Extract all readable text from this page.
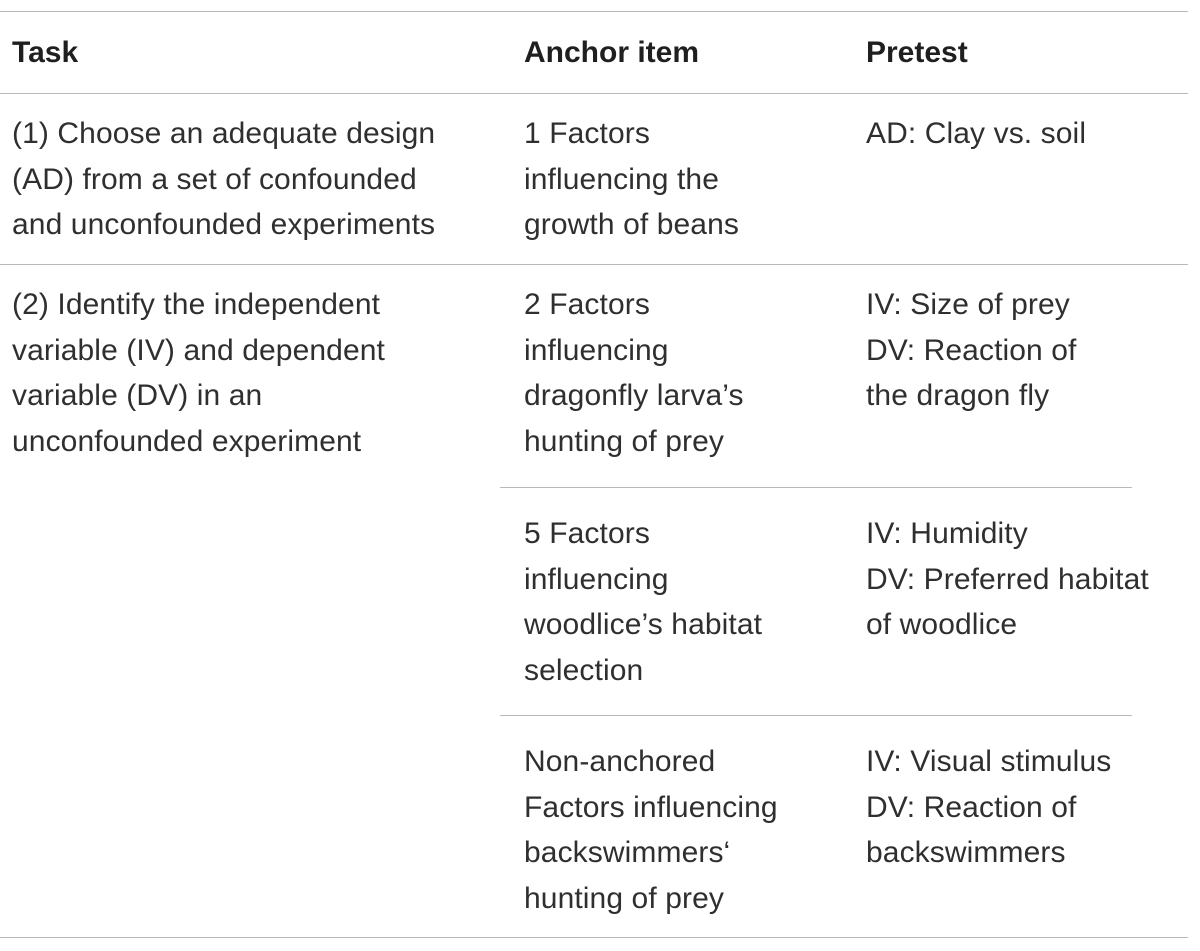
Task	Anchor item	Pretest
(1) Choose an adequate design
(AD) from a set of confounded
and unconfounded experiments
1 Factors
influencing the
growth of beans
AD: Clay vs. soil
(2) Identify the independent
variable (IV) and dependent
variable (DV) in an
unconfounded experiment
2 Factors
influencing
dragonfly larva’s
hunting of prey
IV: Size of prey
DV: Reaction of
the dragon fly
5 Factors
influencing
woodlice’s habitat
selection
IV: Humidity
DV: Preferred habitat
of woodlice
Non-anchored
Factors influencing
backswimmers‘
hunting of prey
IV: Visual stimulus
DV: Reaction of
backswimmers
